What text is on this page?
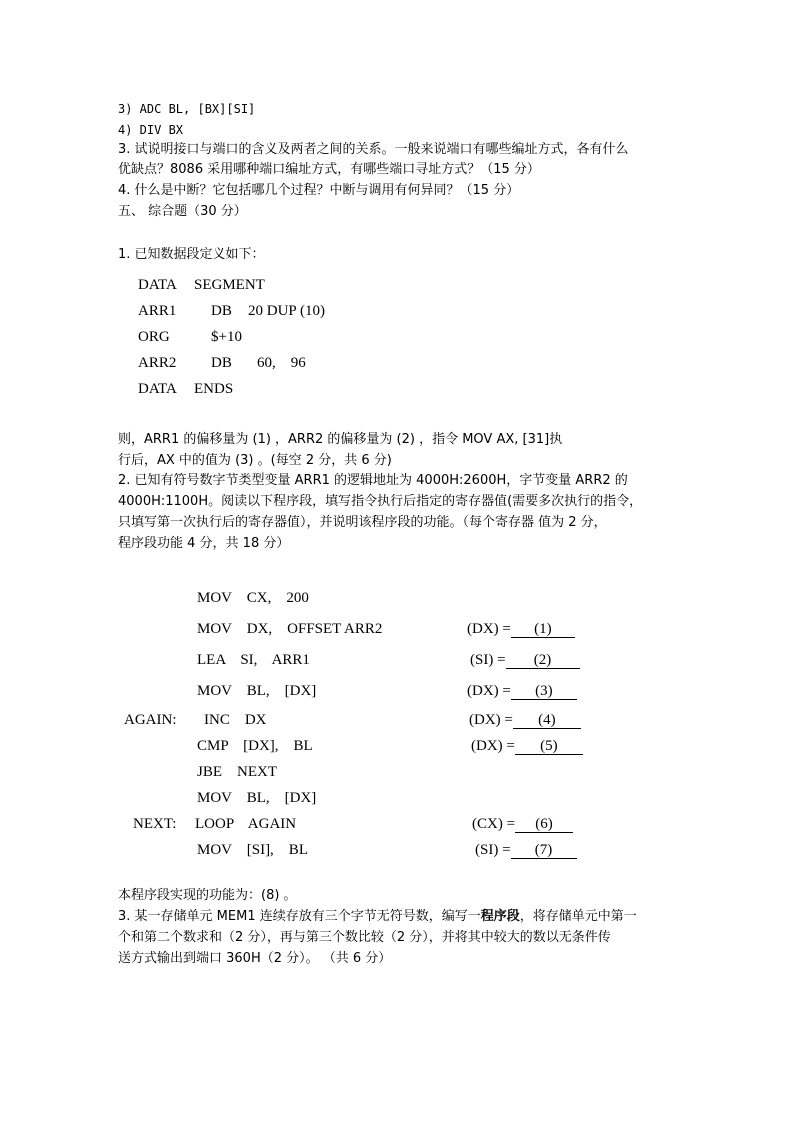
3) ADC BL, [BX][SI]
4) DIV BX
3. 试说明接口与端口的含义及两者之间的关系。一般来说端口有哪些编址方式，各有什么
优缺点？8086 采用哪种端口编址方式，有哪些端口寻址方式？（15 分）
4. 什么是中断？它包括哪几个过程？中断与调用有何异同？（15 分）
五、 综合题（30 分）
1. 已知数据段定义如下：
DATA SEGMENT
ARR1 DB 20 DUP (10)
ORG	$+10
ARR2 DB 60,    96
DATA ENDS
则，ARR1 的偏移量为 (1) ，ARR2 的偏移量为 (2) ，指令 MOV AX, [31]执
行后，AX 中的值为 (3) 。(每空 2 分，共 6 分)
2. 已知有符号数字节类型变量 ARR1 的逻辑地址为 4000H:2600H，字节变量 ARR2 的
4000H:1100H。阅读以下程序段，填写指令执行后指定的寄存器值(需要多次执行的指令，
只填写第一次执行后的寄存器值），并说明该程序段的功能。（每个寄存器 值为 2 分，
程序段功能 4 分，共 18 分）
MOV    CX,    200
MOV    DX,    OFFSET ARR2	(DX) = (1)
LEA    SI,    ARR1	(SI) = (2)
MOV    BL,    [DX]	(DX) = (3)
AGAIN: INC    DX	(DX) = (4)
CMP    [DX],    BL	(DX) = (5)
JBE    NEXT
MOV    BL,    [DX]
NEXT: LOOP    AGAIN	(CX) = (6)
MOV    [SI],    BL	(SI) = (7)
本程序段实现的功能为：(8) 。
3. 某一存储单元 MEM1 连续存放有三个字节无符号数，编写一程序段，将存储单元中第一
个和第二个数求和（2 分），再与第三个数比较（2 分），并将其中较大的数以无条件传
送方式输出到端口 360H（2 分）。 （共 6 分）
